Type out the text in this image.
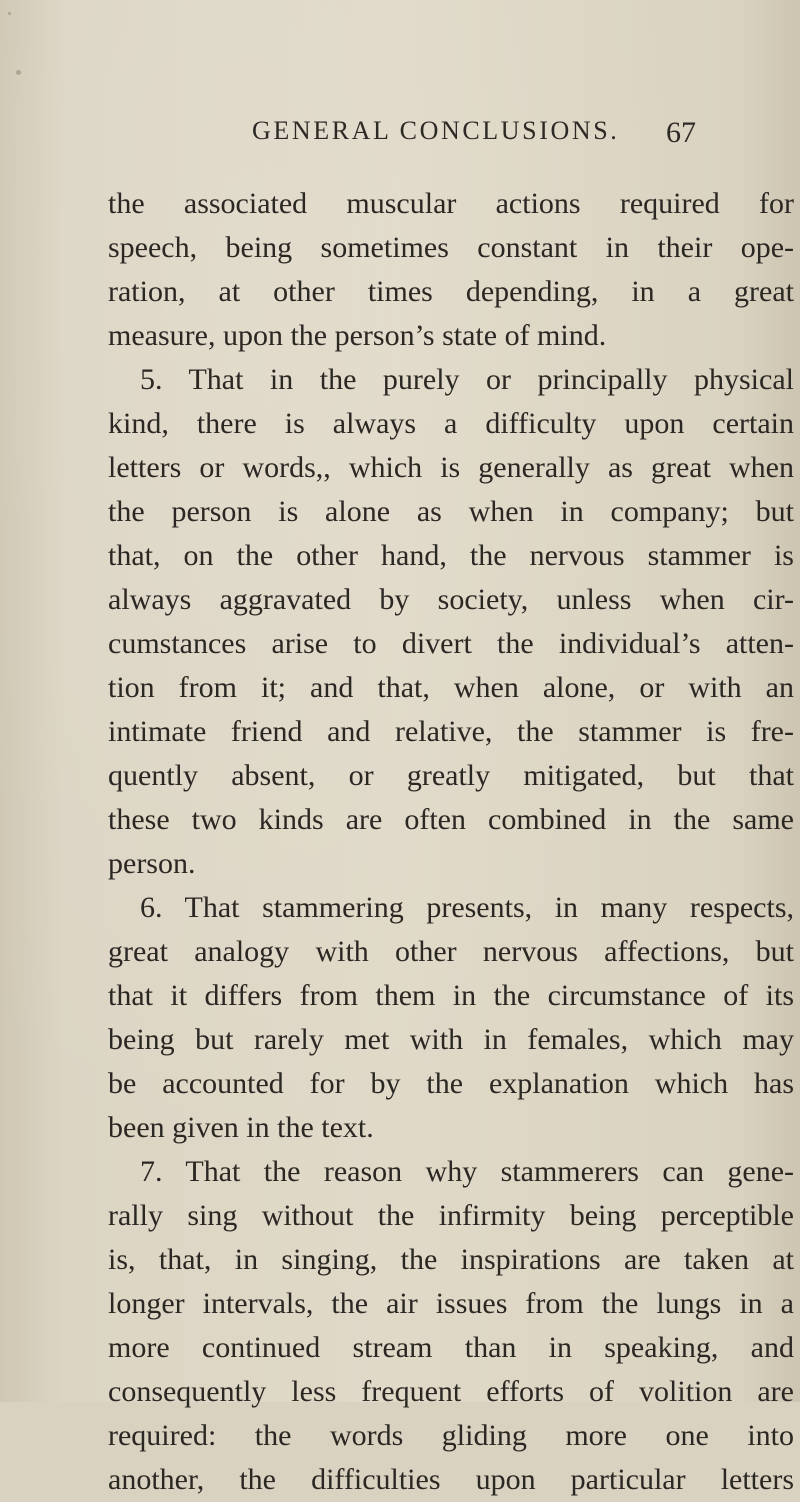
GENERAL CONCLUSIONS. 67
the associated muscular actions required for
speech, being sometimes constant in their ope-
ration, at other times depending, in a great
measure, upon the person’s state of mind.
5. That in the purely or principally physical
kind, there is always a difficulty upon certain
letters or words,, which is generally as great when
the person is alone as when in company; but
that, on the other hand, the nervous stammer is
always aggravated by society, unless when cir-
cumstances arise to divert the individual’s atten-
tion from it; and that, when alone, or with an
intimate friend and relative, the stammer is fre-
quently absent, or greatly mitigated, but that
these two kinds are often combined in the same
person.
6. That stammering presents, in many respects,
great analogy with other nervous affections, but
that it differs from them in the circumstance of its
being but rarely met with in females, which may
be accounted for by the explanation which has
been given in the text.
7. That the reason why stammerers can gene-
rally sing without the infirmity being perceptible
is, that, in singing, the inspirations are taken at
longer intervals, the air issues from the lungs in a
more continued stream than in speaking, and
consequently less frequent efforts of volition are
required: the words gliding more one into
another, the difficulties upon particular letters
